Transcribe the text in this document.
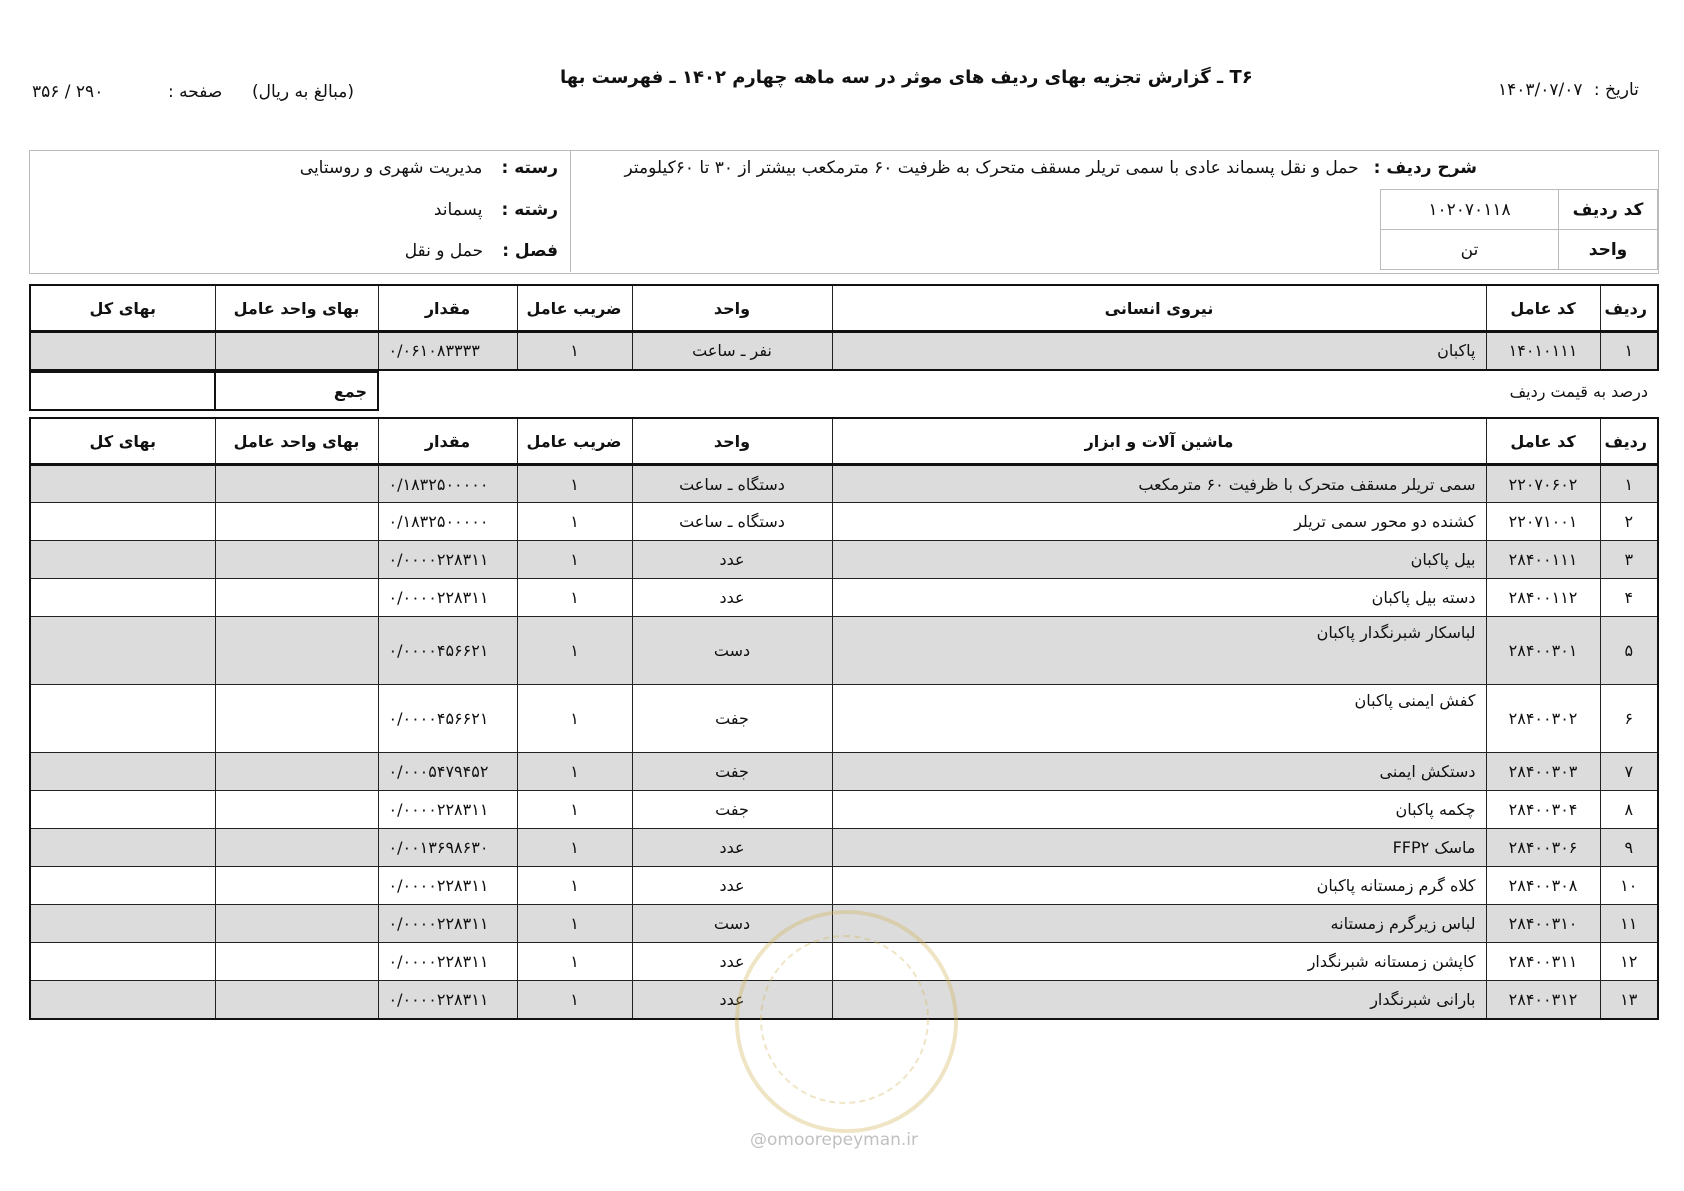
تاریخ : ۱۴۰۳/۰۷/۰۷
T۶ ـ گزارش تجزیه بهای ردیف های موثر در سه ماهه چهارم ۱۴۰۲ ـ فهرست بها
(مبالغ به ریال)
صفحه :
۳۵۶ / ۲۹۰
شرح ردیف : حمل و نقل پسماند عادی با سمی تریلر مسقف متحرک به ظرفیت ۶۰ مترمکعب بیشتر از ۳۰ تا ۶۰کیلومتر
رسته : مدیریت شهری و روستایی
رشته : پسماند
فصل : حمل و نقل
۱۰۲۰۷۰۱۱۸	کد ردیف
تن	واحد
ردیف	کد عامل	نیروی انسانی	واحد	ضریب عامل	مقدار	بهای واحد عامل	بهای کل
۱	۱۴۰۱۰۱۱۱	پاکبان	نفر ـ ساعت	۱	۰/۰۶۱۰۸۳۳۳۳		
درصد به قیمت ردیف	جمع	
ردیف	کد عامل	ماشین آلات و ابزار	واحد	ضریب عامل	مقدار	بهای واحد عامل	بهای کل
۱	۲۲۰۷۰۶۰۲	سمی تریلر مسقف متحرک با ظرفیت ۶۰ مترمکعب	دستگاه ـ ساعت	۱	۰/۱۸۳۲۵۰۰۰۰۰		
۲	۲۲۰۷۱۰۰۱	کشنده دو محور سمی تریلر	دستگاه ـ ساعت	۱	۰/۱۸۳۲۵۰۰۰۰۰		
۳	۲۸۴۰۰۱۱۱	بیل پاکبان	عدد	۱	۰/۰۰۰۰۲۲۸۳۱۱		
۴	۲۸۴۰۰۱۱۲	دسته بیل پاکبان	عدد	۱	۰/۰۰۰۰۲۲۸۳۱۱		
۵	۲۸۴۰۰۳۰۱	لباسکار شبرنگدار پاکبان	دست	۱	۰/۰۰۰۰۴۵۶۶۲۱		
۶	۲۸۴۰۰۳۰۲	کفش ایمنی پاکبان	جفت	۱	۰/۰۰۰۰۴۵۶۶۲۱		
۷	۲۸۴۰۰۳۰۳	دستکش ایمنی	جفت	۱	۰/۰۰۰۵۴۷۹۴۵۲		
۸	۲۸۴۰۰۳۰۴	چکمه پاکبان	جفت	۱	۰/۰۰۰۰۲۲۸۳۱۱		
۹	۲۸۴۰۰۳۰۶	ماسک FFP۲	عدد	۱	۰/۰۰۱۳۶۹۸۶۳۰		
۱۰	۲۸۴۰۰۳۰۸	کلاه گرم زمستانه پاکبان	عدد	۱	۰/۰۰۰۰۲۲۸۳۱۱		
۱۱	۲۸۴۰۰۳۱۰	لباس زیرگرم زمستانه	دست	۱	۰/۰۰۰۰۲۲۸۳۱۱		
۱۲	۲۸۴۰۰۳۱۱	کاپشن زمستانه شبرنگدار	عدد	۱	۰/۰۰۰۰۲۲۸۳۱۱		
۱۳	۲۸۴۰۰۳۱۲	بارانی شبرنگدار	عدد	۱	۰/۰۰۰۰۲۲۸۳۱۱		
@omoorepeyman.ir
